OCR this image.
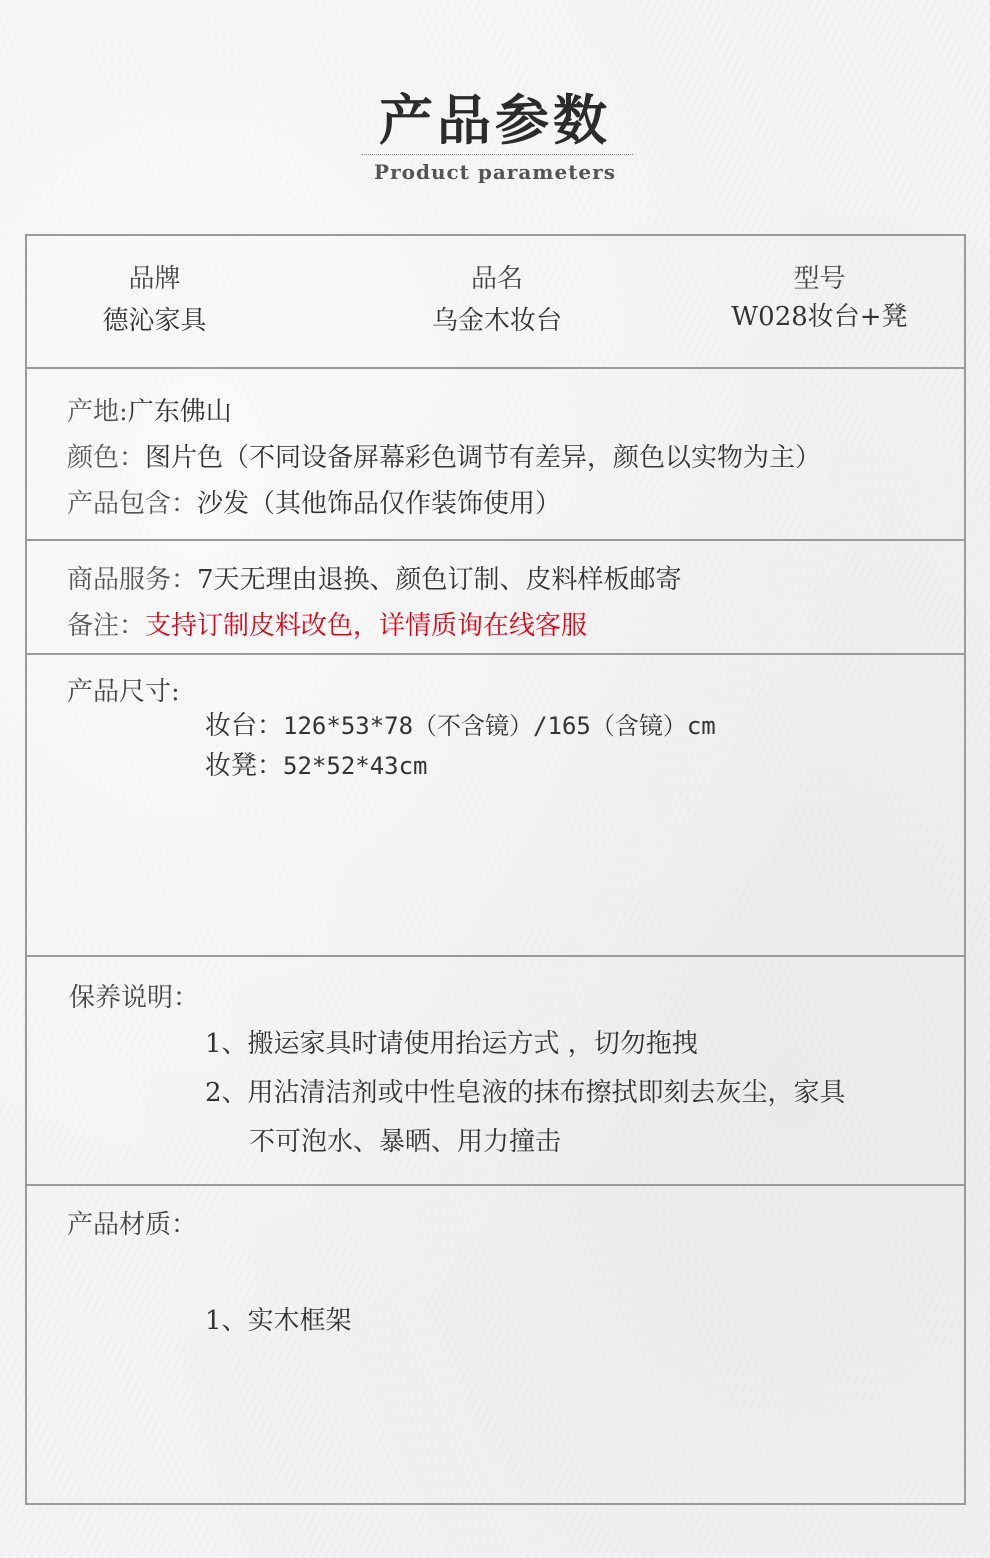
产品参数
Product parameters
品牌
德沁家具
品名
乌金木妆台
型号
W028妆台+凳
产地:广东佛山
颜色：图片色（不同设备屏幕彩色调节有差异，颜色以实物为主）
产品包含：沙发（其他饰品仅作装饰使用）
商品服务：7天无理由退换、颜色订制、皮料样板邮寄
备注：支持订制皮料改色，详情质询在线客服
产品尺寸:
妆台：126*53*78（不含镜）/165（含镜）cm
妆凳：52*52*43cm
保养说明：
1、搬运家具时请使用抬运方式 ，切勿拖拽
2、用沾清洁剂或中性皂液的抹布擦拭即刻去灰尘，家具
不可泡水、暴晒、用力撞击
产品材质：
1、实木框架
